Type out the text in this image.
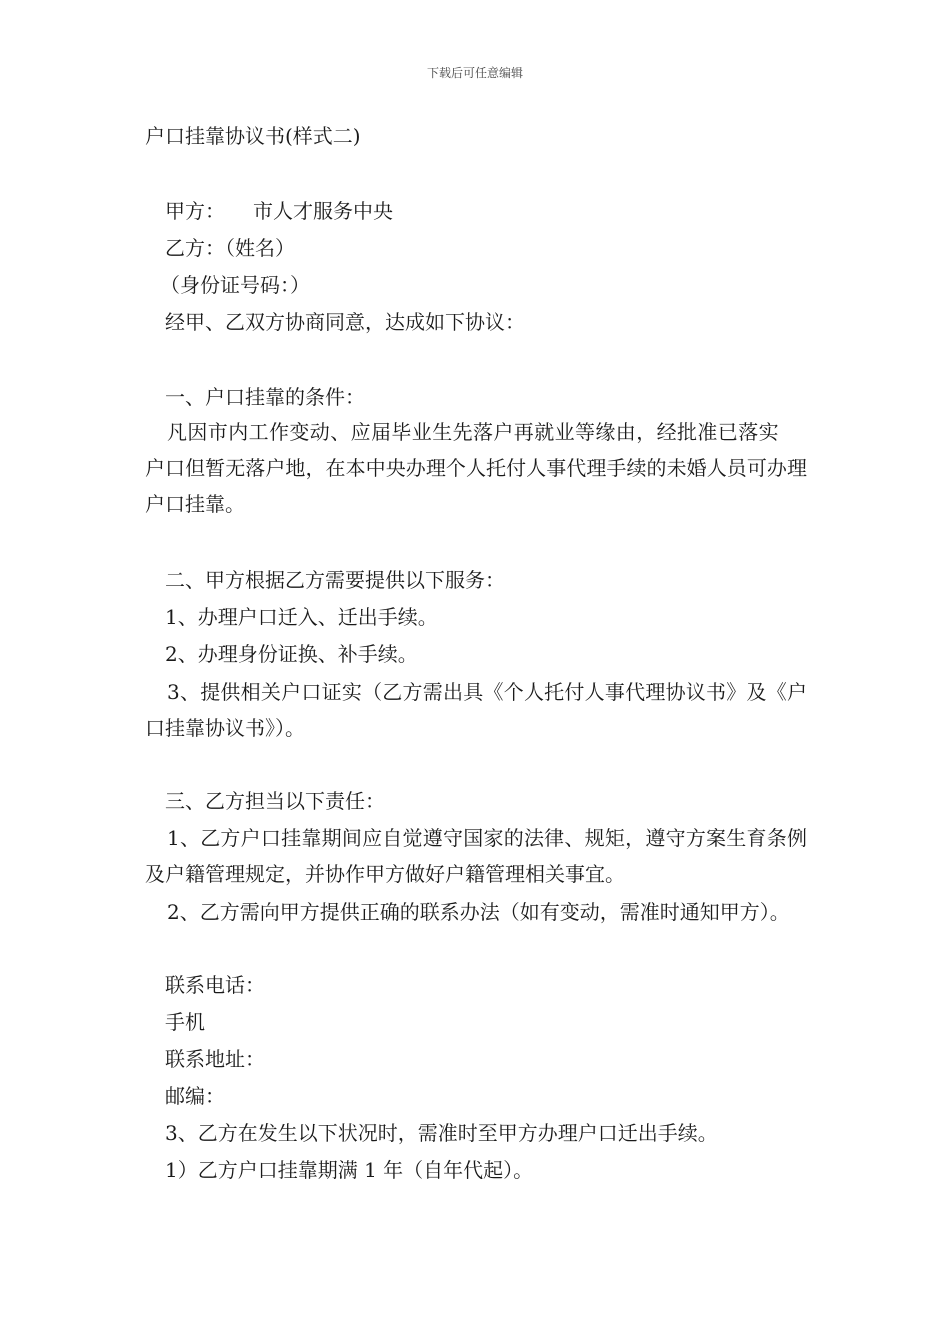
下载后可任意编辑
户口挂靠协议书(样式二)
甲方： 市人才服务中央
乙方：（姓名）
（身份证号码：）
经甲、乙双方协商同意，达成如下协议：
一、户口挂靠的条件：
凡因市内工作变动、应届毕业生先落户再就业等缘由，经批准已落实户口但暂无落户地，在本中央办理个人托付人事代理手续的未婚人员可办理户口挂靠。
二、甲方根据乙方需要提供以下服务：
1、办理户口迁入、迁出手续。
2、办理身份证换、补手续。
3、提供相关户口证实（乙方需出具《个人托付人事代理协议书》及《户口挂靠协议书》）。
三、乙方担当以下责任：
1、乙方户口挂靠期间应自觉遵守国家的法律、规矩，遵守方案生育条例及户籍管理规定，并协作甲方做好户籍管理相关事宜。
2、乙方需向甲方提供正确的联系办法（如有变动，需准时通知甲方）。
联系电话：
手机
联系地址：
邮编：
3、乙方在发生以下状况时，需准时至甲方办理户口迁出手续。
1）乙方户口挂靠期满 1 年（自年代起）。
